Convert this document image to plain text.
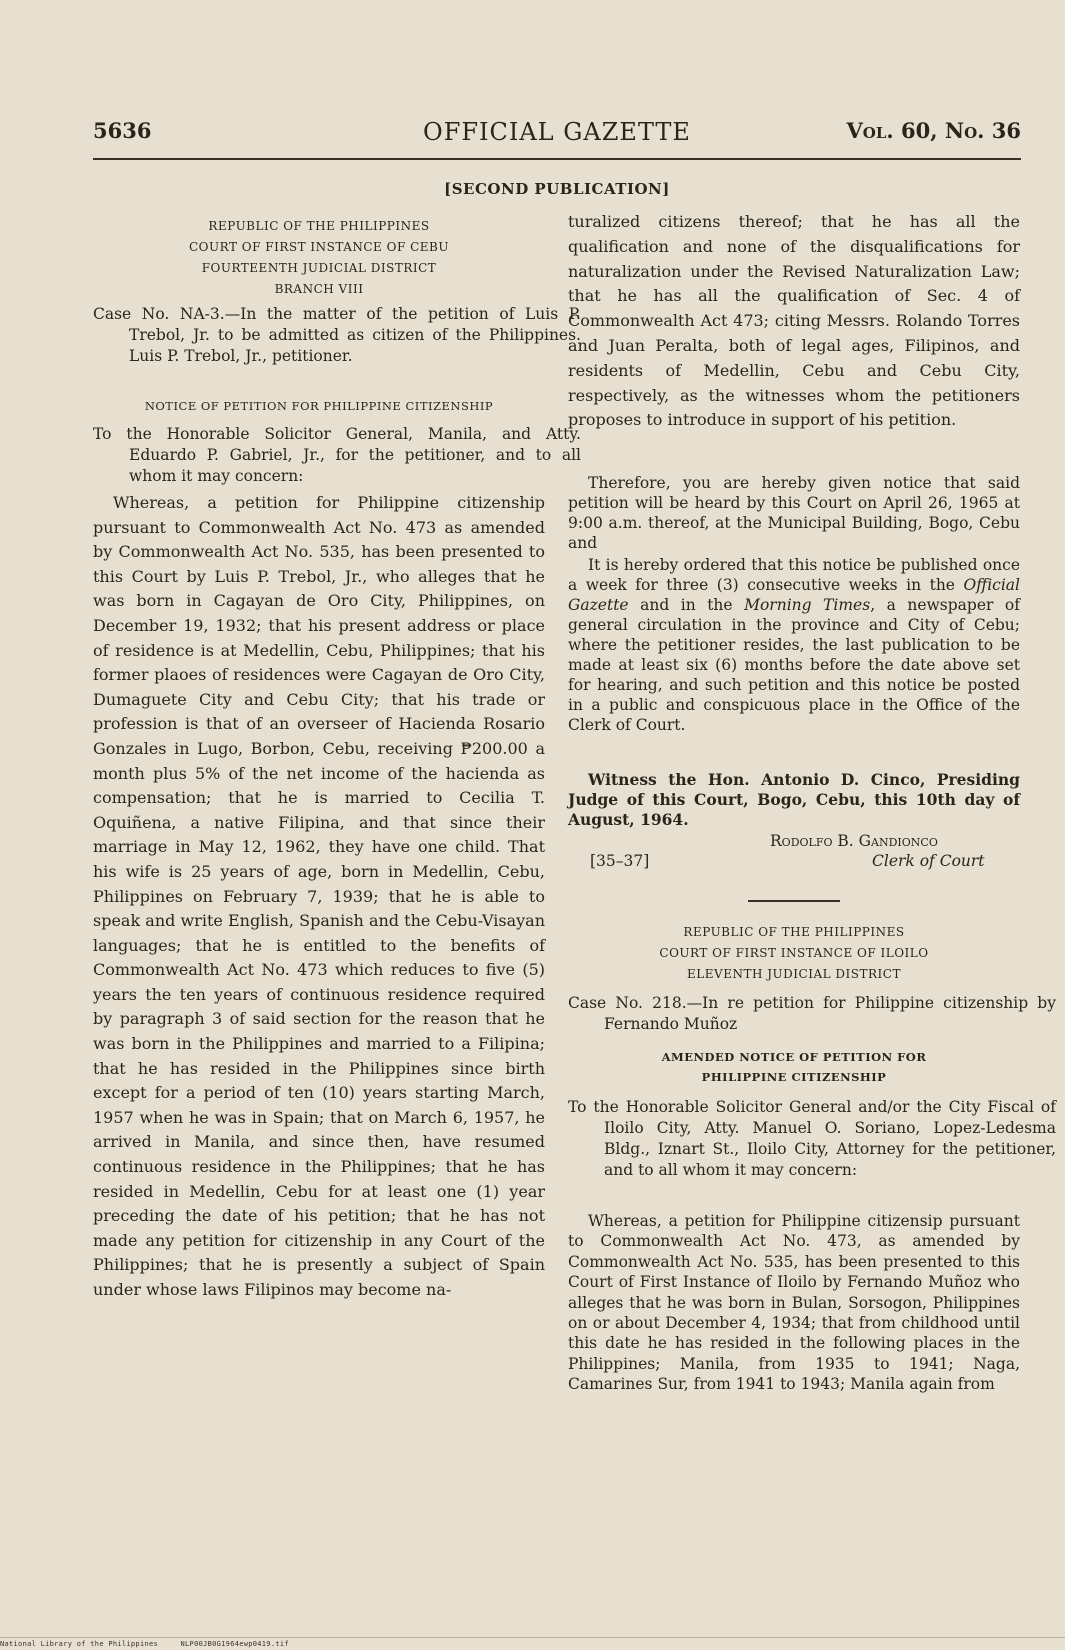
5636	OFFICIAL GAZETTE	Vol. 60, No. 36
[SECOND PUBLICATION]
REPUBLIC OF THE PHILIPPINES
COURT OF FIRST INSTANCE OF CEBU
FOURTEENTH JUDICIAL DISTRICT
BRANCH VIII
Case No. NA-3.—In the matter of the petition of Luis P. Trebol, Jr. to be admitted as citizen of the Philippines. Luis P. Trebol, Jr., petitioner.
NOTICE OF PETITION FOR PHILIPPINE CITIZENSHIP
To the Honorable Solicitor General, Manila, and Atty. Eduardo P. Gabriel, Jr., for the petitioner, and to all whom it may concern:
Whereas, a petition for Philippine citizenship pursuant to Commonwealth Act No. 473 as amended by Commonwealth Act No. 535, has been presented to this Court by Luis P. Trebol, Jr., who alleges that he was born in Cagayan de Oro City, Philippines, on December 19, 1932; that his present address or place of residence is at Medellin, Cebu, Philippines; that his former plaoes of residences were Cagayan de Oro City, Dumaguete City and Cebu City; that his trade or profession is that of an overseer of Hacienda Rosario Gonzales in Lugo, Borbon, Cebu, receiving ₱200.00 a month plus 5% of the net income of the hacienda as compensation; that he is married to Cecilia T. Oquiñena, a native Filipina, and that since their marriage in May 12, 1962, they have one child. That his wife is 25 years of age, born in Medellin, Cebu, Philippines on February 7, 1939; that he is able to speak and write English, Spanish and the Cebu-Visayan languages; that he is entitled to the benefits of Commonwealth Act No. 473 which reduces to five (5) years the ten years of continuous residence required by paragraph 3 of said section for the reason that he was born in the Philippines and married to a Filipina; that he has resided in the Philippines since birth except for a period of ten (10) years starting March, 1957 when he was in Spain; that on March 6, 1957, he arrived in Manila, and since then, have resumed continuous residence in the Philippines; that he has resided in Medellin, Cebu for at least one (1) year preceding the date of his petition; that he has not made any petition for citizenship in any Court of the Philippines; that he is presently a subject of Spain under whose laws Filipinos may become na-
turalized citizens thereof; that he has all the qualification and none of the disqualifications for naturalization under the Revised Naturalization Law; that he has all the qualification of Sec. 4 of Commonwealth Act 473; citing Messrs. Rolando Torres and Juan Peralta, both of legal ages, Filipinos, and residents of Medellin, Cebu and Cebu City, respectively, as the witnesses whom the petitioners proposes to introduce in support of his petition.
Therefore, you are hereby given notice that said petition will be heard by this Court on April 26, 1965 at 9:00 a.m. thereof, at the Municipal Building, Bogo, Cebu and
It is hereby ordered that this notice be published once a week for three (3) consecutive weeks in the Official Gazette and in the Morning Times, a newspaper of general circulation in the province and City of Cebu; where the petitioner resides, the last publication to be made at least six (6) months before the date above set for hearing, and such petition and this notice be posted in a public and conspicuous place in the Office of the Clerk of Court.
Witness the Hon. Antonio D. Cinco, Presiding Judge of this Court, Bogo, Cebu, this 10th day of August, 1964.
Rodolfo B. Gandionco
[35–37]	Clerk of Court
REPUBLIC OF THE PHILIPPINES
COURT OF FIRST INSTANCE OF ILOILO
ELEVENTH JUDICIAL DISTRICT
Case No. 218.—In re petition for Philippine citizenship by Fernando Muñoz
AMENDED NOTICE OF PETITION FOR
PHILIPPINE CITIZENSHIP
To the Honorable Solicitor General and/or the City Fiscal of Iloilo City, Atty. Manuel O. Soriano, Lopez-Ledesma Bldg., Iznart St., Iloilo City, Attorney for the petitioner, and to all whom it may concern:
Whereas, a petition for Philippine citizensip pursuant to Commonwealth Act No. 473, as amended by Commonwealth Act No. 535, has been presented to this Court of First Instance of Iloilo by Fernando Muñoz who alleges that he was born in Bulan, Sorsogon, Philippines on or about December 4, 1934; that from childhood until this date he has resided in the following places in the Philippines; Manila, from 1935 to 1941; Naga, Camarines Sur, from 1941 to 1943; Manila again from
National Library of the Philippines	NLP00JB0G1964ewp0419.tif
